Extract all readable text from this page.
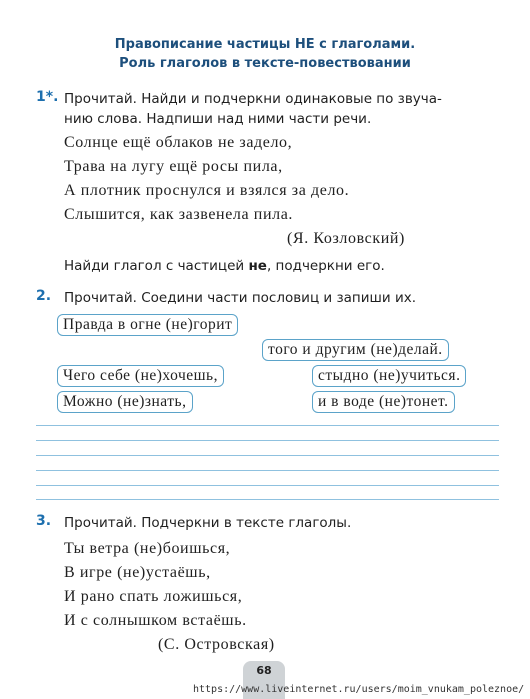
Правописание частицы НЕ с глаголами.
Роль глаголов в тексте-повествовании
1*. Прочитай. Найди и подчеркни одинаковые по звуча-
нию слова. Надпиши над ними части речи.
Солнце ещё облаков не задело,
Трава на лугу ещё росы пила,
А плотник проснулся и взялся за дело.
Слышится, как зазвенела пила.
(Я. Козловский)
Найди глагол с частицей не, подчеркни его.
2. Прочитай. Соедини части пословиц и запиши их.
Правда в огне (не)горит
того и другим (не)делай.
Чего себе (не)хочешь,	стыдно (не)учиться.
Можно (не)знать,	и в воде (не)тонет.
3. Прочитай. Подчеркни в тексте глаголы.
Ты ветра (не)боишься,
В игре (не)устаёшь,
И рано спать ложишься,
И с солнышком встаёшь.
(С. Островская)
68
https://www.liveinternet.ru/users/moim_vnukam_poleznoe/
